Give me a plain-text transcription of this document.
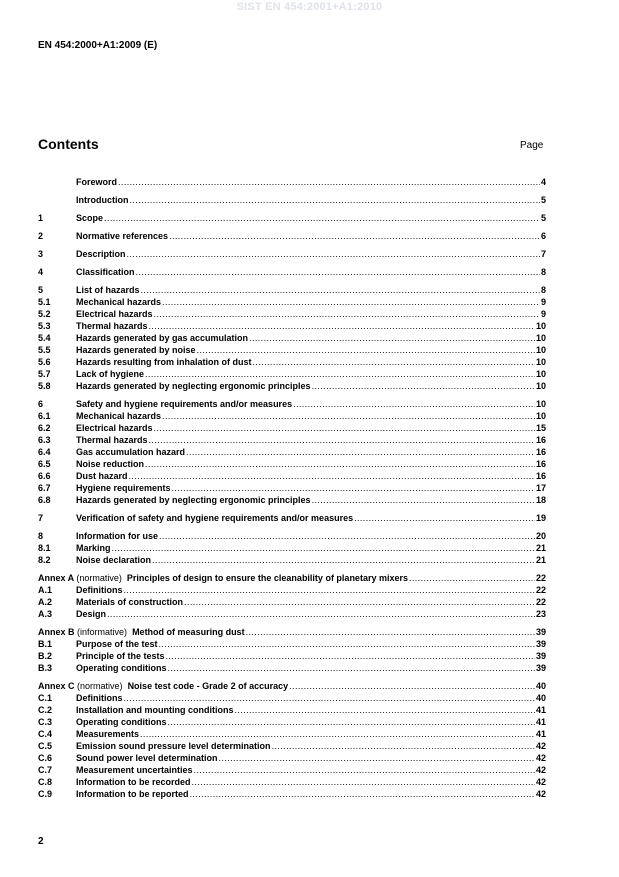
SIST EN 454:2001+A1:2010
EN 454:2000+A1:2009 (E)
Contents	Page
Foreword .....	4
Introduction .....	5
1	Scope .....	5
2	Normative references .....	6
3	Description .....	7
4	Classification .....	8
5	List of hazards .....	8
5.1	Mechanical hazards .....	9
5.2	Electrical hazards .....	9
5.3	Thermal hazards .....	10
5.4	Hazards generated by gas accumulation .....	10
5.5	Hazards generated by noise .....	10
5.6	Hazards resulting from inhalation of dust .....	10
5.7	Lack of hygiene .....	10
5.8	Hazards generated by neglecting ergonomic principles .....	10
6	Safety and hygiene requirements and/or measures .....	10
6.1	Mechanical hazards .....	10
6.2	Electrical hazards .....	15
6.3	Thermal hazards .....	16
6.4	Gas accumulation hazard .....	16
6.5	Noise reduction .....	16
6.6	Dust hazard .....	16
6.7	Hygiene requirements .....	17
6.8	Hazards generated by neglecting ergonomic principles .....	18
7	Verification of safety and hygiene requirements and/or measures .....	19
8	Information for use .....	20
8.1	Marking .....	21
8.2	Noise declaration .....	21
Annex A (normative) Principles of design to ensure the cleanability of planetary mixers .....	22
A.1	Definitions .....	22
A.2	Materials of construction .....	22
A.3	Design .....	23
Annex B (informative) Method of measuring dust .....	39
B.1	Purpose of the test .....	39
B.2	Principle of the tests .....	39
B.3	Operating conditions .....	39
Annex C (normative) Noise test code - Grade 2 of accuracy .....	40
C.1	Definitions .....	40
C.2	Installation and mounting conditions .....	41
C.3	Operating conditions .....	41
C.4	Measurements .....	41
C.5	Emission sound pressure level determination .....	42
C.6	Sound power level determination .....	42
C.7	Measurement uncertainties .....	42
C.8	Information to be recorded .....	42
C.9	Information to be reported .....	42
2
